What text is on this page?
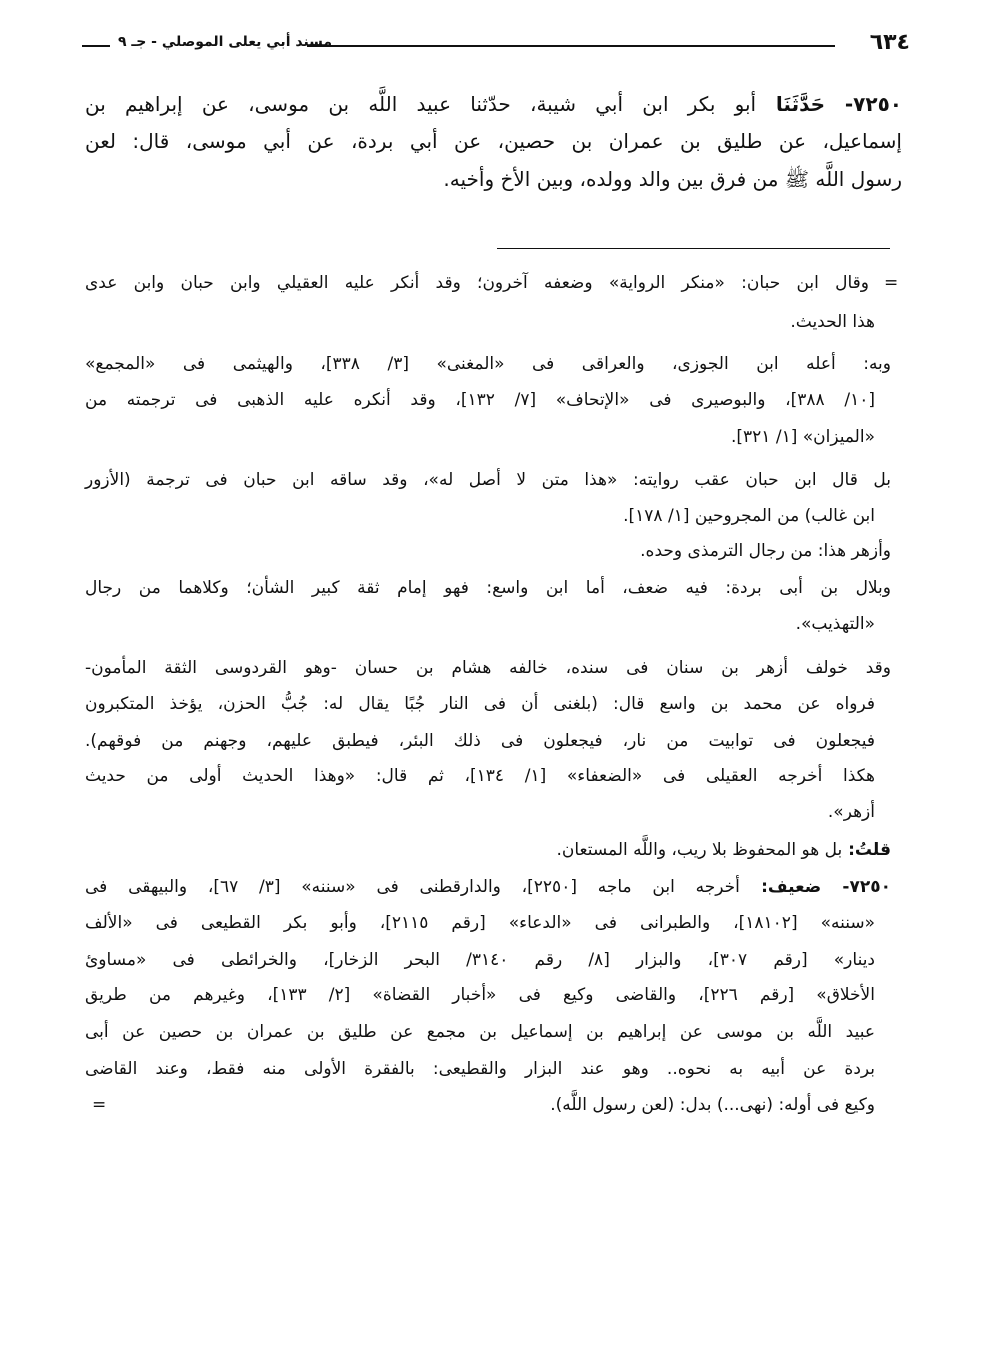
٦٣٤
مسند أبي يعلى الموصلي - جـ ٩
٧٢٥٠- حَدَّثَنَا أبو بكر ابن أبي شيبة، حدّثنا عبيد اللَّه بن موسى، عن إبراهيم بن
إسماعيل، عن طليق بن عمران بن حصين، عن أبي بردة، عن أبي موسى، قال: لعن
رسول اللَّه ﷺ من فرق بين والد وولده، وبين الأخ وأخيه.
وقال ابن حبان: «منكر الرواية» وضعفه آخرون؛ وقد أنكر عليه العقيلي وابن حبان وابن عدى
هذا الحديث.
وبه: أعله ابن الجوزى، والعراقى فى «المغنى» [٣/ ٣٣٨]، والهيثمى فى «المجمع»
[١٠/ ٣٨٨]، والبوصيرى فى «الإتحاف» [٧/ ١٣٢]، وقد أنكره عليه الذهبى فى ترجمته من
«الميزان» [١/ ٣٢١].
بل قال ابن حبان عقب روايته: «هذا متن لا أصل له»، وقد ساقه ابن حبان فى ترجمة (الأزور
ابن غالب) من المجروحين [١/ ١٧٨].
وأزهر هذا: من رجال الترمذى وحده.
وبلال بن أبى بردة: فيه ضعف، أما ابن واسع: فهو إمام ثقة كبير الشأن؛ وكلاهما من رجال
«التهذيب».
وقد خولف أزهر بن سنان فى سنده، خالفه هشام بن حسان -وهو القردوسى الثقة المأمون-
فرواه عن محمد بن واسع قال: (بلغنى أن فى النار جُبًا يقال له: جُبُّ الحزن، يؤخذ المتكبرون
فيجعلون فى توابيت من نار، فيجعلون فى ذلك البئر، فيطبق عليهم، وجهنم من فوقهم).
هكذا أخرجه العقيلى فى «الضعفاء» [١/ ١٣٤]، ثم قال: «وهذا الحديث أولى من حديث
أزهر».
قلتُ: بل هو المحفوظ بلا ريب، واللَّه المستعان.
٧٢٥٠- ضعيف: أخرجه ابن ماجه [٢٢٥٠]، والدارقطنى فى «سننه» [٣/ ٦٧]، والبيهقى فى
«سننه» [١٨١٠٢]، والطبرانى فى «الدعاء» [رقم ٢١١٥]، وأبو بكر القطيعى فى «الألف
دينار» [رقم ٣٠٧]، والبزار [٨/ رقم ٣١٤٠/ البحر الزخار]، والخرائطى فى «مساوئ
الأخلاق» [رقم ٢٢٦]، والقاضى وكيع فى «أخبار القضاة» [٢/ ١٣٣]، وغيرهم من طريق
عبيد اللَّه بن موسى عن إبراهيم بن إسماعيل بن مجمع عن طليق بن عمران بن حصين عن أبى
بردة عن أبيه به نحوه.. وهو عند البزار والقطيعى: بالفقرة الأولى منه فقط، وعند القاضى
وكيع فى أوله: (نهى...) بدل: (لعن رسول اللَّه).
=
=
